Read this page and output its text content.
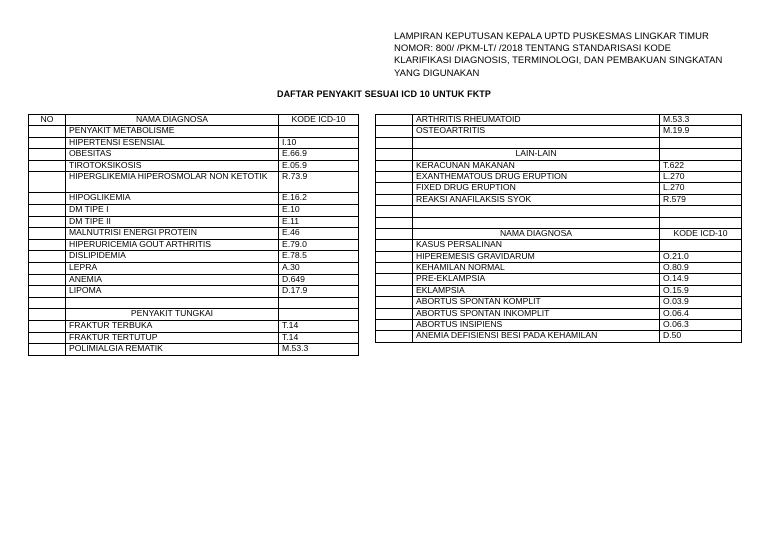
LAMPIRAN KEPUTUSAN KEPALA UPTD PUSKESMAS LINGKAR TIMUR
NOMOR: 800/ /PKM-LT/ /2018 TENTANG STANDARISASI KODE
KLARIFIKASI DIAGNOSIS, TERMINOLOGI, DAN PEMBAKUAN SINGKATAN
YANG DIGUNAKAN
DAFTAR PENYAKIT SESUAI ICD 10 UNTUK FKTP
NO	NAMA DIAGNOSA	KODE ICD-10
	PENYAKIT METABOLISME	
	HIPERTENSI ESENSIAL	I.10
	OBESITAS	E.66.9
	TIROTOKSIKOSIS	E.05.9
	HIPERGLIKEMIA HIPEROSMOLAR NON KETOTIK	R.73.9
	HIPOGLIKEMIA	E.16.2
	DM TIPE I	E.10
	DM TIPE II	E.11
	MALNUTRISI ENERGI PROTEIN	E.46
	HIPERURICEMIA GOUT ARTHRITIS	E.79.0
	DISLIPIDEMIA	E.78.5
	LEPRA	A.30
	ANEMIA	D.649
	LIPOMA	D.17.9

	PENYAKIT TUNGKAI	
	FRAKTUR TERBUKA	T.14
	FRAKTUR TERTUTUP	T.14
	POLIMIALGIA REMATIK	M.53.3
	ARTHRITIS RHEUMATOID	M.53.3
	OSTEOARTRITIS	M.19.9

	LAIN-LAIN	
	KERACUNAN MAKANAN	T.622
	EXANTHEMATOUS DRUG ERUPTION	L.270
	FIXED DRUG ERUPTION	L.270
	REAKSI ANAFILAKSIS SYOK	R.579

	NAMA DIAGNOSA	KODE ICD-10
	KASUS PERSALINAN	
	HIPEREMESIS GRAVIDARUM	O.21.0
	KEHAMILAN NORMAL	O.80.9
	PRE-EKLAMPSIA	O.14.9
	EKLAMPSIA	O.15.9
	ABORTUS SPONTAN KOMPLIT	O.03.9
	ABORTUS SPONTAN INKOMPLIT	O.06.4
	ABORTUS INSIPIENS	O.06.3
	ANEMIA DEFISIENSI BESI PADA KEHAMILAN	D.50
